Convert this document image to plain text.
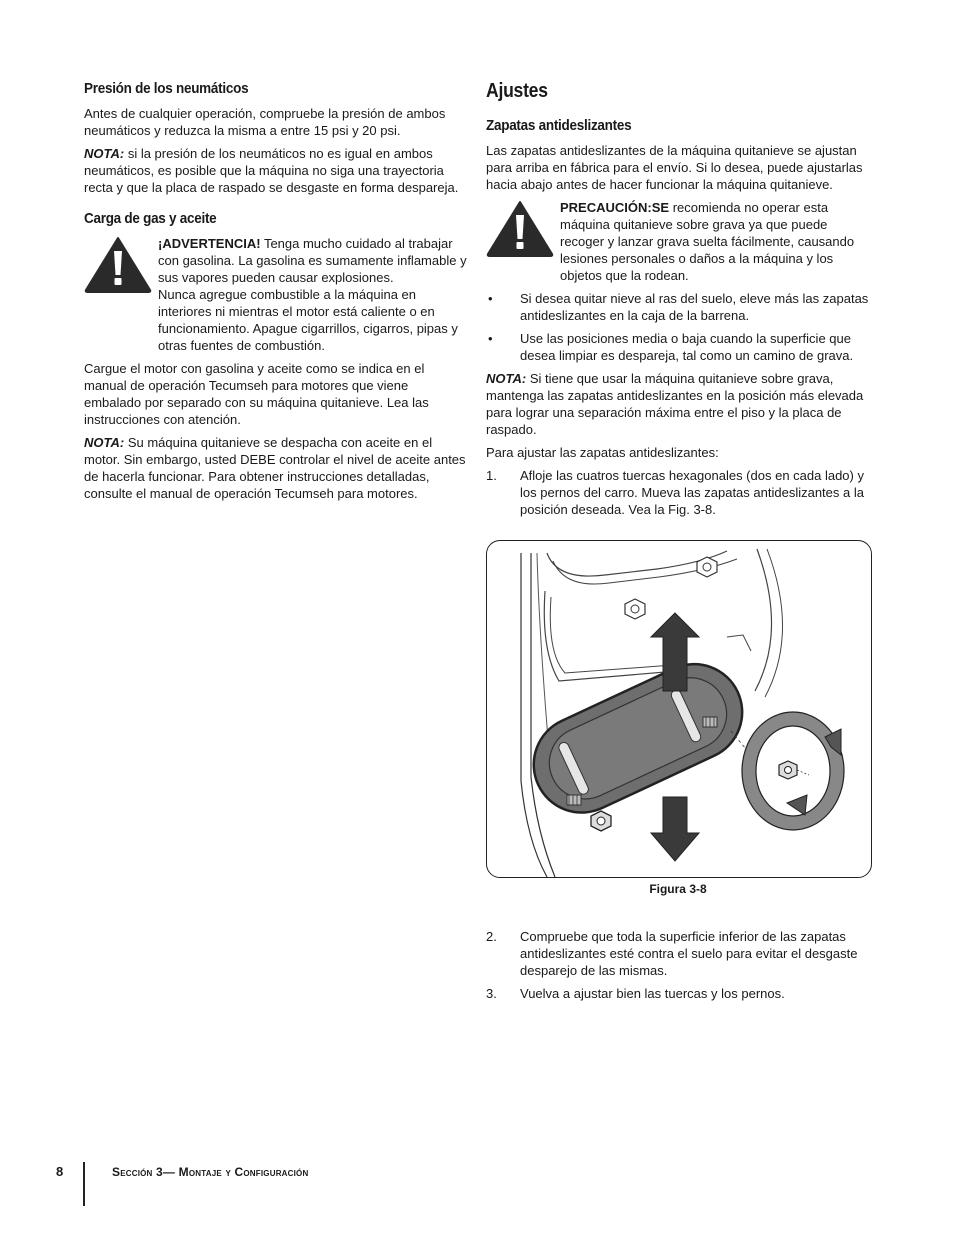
Presión de los neumáticos

Antes de cualquier operación, compruebe la presión de ambos neumáticos y reduzca la misma a entre 15 psi y 20 psi.

NOTA: si la presión de los neumáticos no es igual en ambos neumáticos, es posible que la máquina no siga una trayectoria recta y que la placa de raspado se desgaste en forma despareja.

Carga de gas y aceite
¡ADVERTENCIA! Tenga mucho cuidado al trabajar con gasolina. La gasolina es sumamente inflamable y sus vapores pueden causar explosiones.
Nunca agregue combustible a la máquina en interiores ni mientras el motor está caliente o en funcionamiento. Apague cigarrillos, cigarros, pipas y otras fuentes de combustión.

Cargue el motor con gasolina y aceite como se indica en el manual de operación Tecumseh para motores que viene embalado por separado con su máquina quitanieve. Lea las instrucciones con atención.

NOTA: Su máquina quitanieve se despacha con aceite en el motor. Sin embargo, usted DEBE controlar el nivel de aceite antes de hacerla funcionar. Para obtener instrucciones detalladas, consulte el manual de operación Tecumseh para motores.

Ajustes
Zapatas antideslizantes

Las zapatas antideslizantes de la máquina quitanieve se ajustan para arriba en fábrica para el envío. Si lo desea, puede ajustarlas hacia abajo antes de hacer funcionar la máquina quitanieve.

PRECAUCIÓN:SE recomienda no operar esta máquina quitanieve sobre grava ya que puede recoger y lanzar grava suelta fácilmente, causando lesiones personales o daños a la máquina y los objetos que la rodean.
• Si desea quitar nieve al ras del suelo, eleve más las zapatas antideslizantes en la caja de la barrena.
• Use las posiciones media o baja cuando la superficie que desea limpiar es despareja, tal como un camino de grava.

NOTA: Si tiene que usar la máquina quitanieve sobre grava, mantenga las zapatas antideslizantes en la posición más elevada para lograr una separación máxima entre el piso y la placa de raspado.

Para ajustar las zapatas antideslizantes:

1. Afloje las cuatros tuercas hexagonales (dos en cada lado) y los pernos del carro. Mueva las zapatas antideslizantes a la posición deseada. Vea la Fig. 3-8.
Figura 3-8
2. Compruebe que toda la superficie inferior de las zapatas antideslizantes esté contra el suelo para evitar el desgaste desparejo de las mismas.
3. Vuelva a ajustar bien las tuercas y los pernos.
8	Sección 3— Montaje y Configuración
